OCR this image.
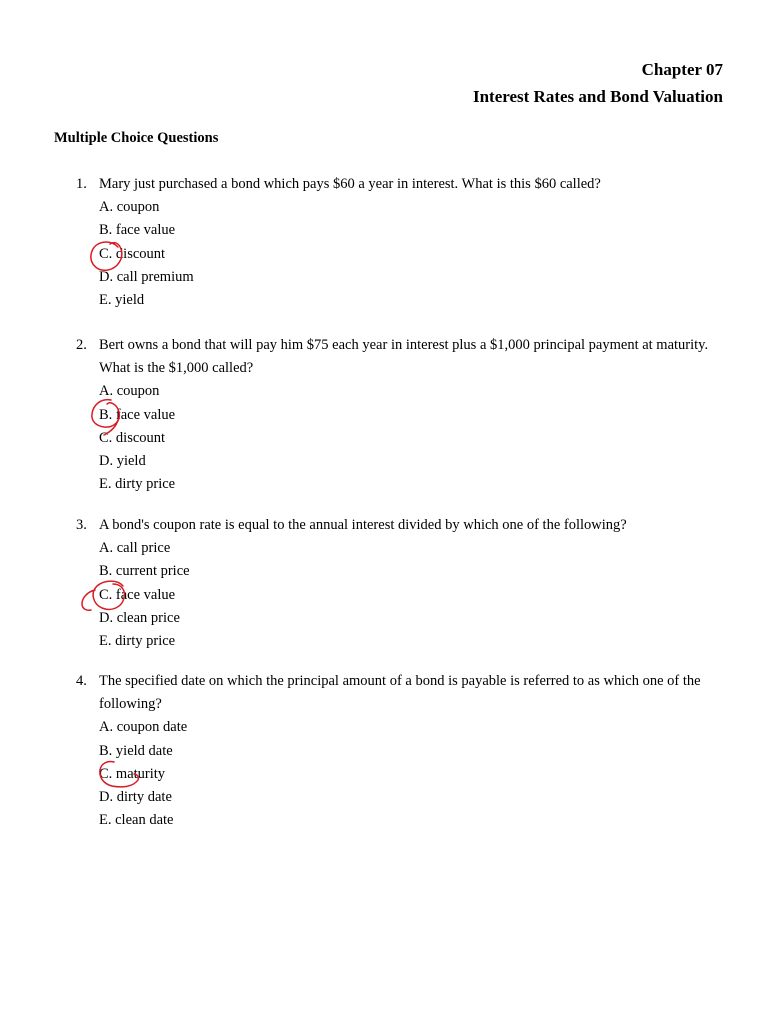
Chapter 07
Interest Rates and Bond Valuation
Multiple Choice Questions
1. Mary just purchased a bond which pays $60 a year in interest. What is this $60 called?
A. coupon
B. face value
C. discount
D. call premium
E. yield
2. Bert owns a bond that will pay him $75 each year in interest plus a $1,000 principal payment at maturity. What is the $1,000 called?
A. coupon
B. face value
C. discount
D. yield
E. dirty price
3. A bond's coupon rate is equal to the annual interest divided by which one of the following?
A. call price
B. current price
C. face value
D. clean price
E. dirty price
4. The specified date on which the principal amount of a bond is payable is referred to as which one of the following?
A. coupon date
B. yield date
C. maturity
D. dirty date
E. clean date
